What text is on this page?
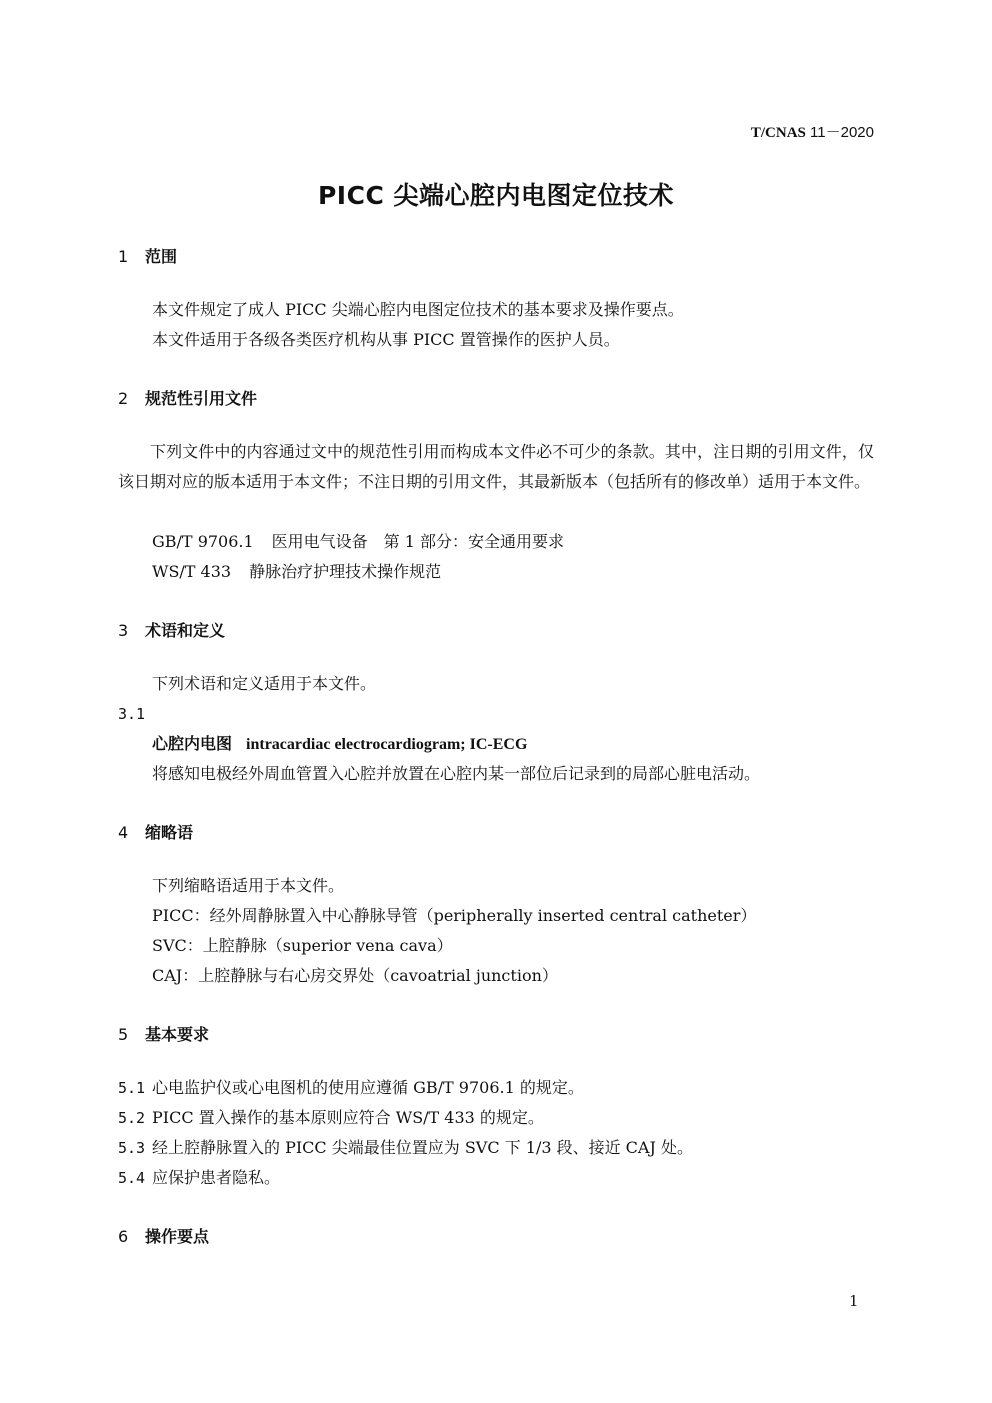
T/CNAS 11－2020
PICC 尖端心腔内电图定位技术
1 范围
本文件规定了成人 PICC 尖端心腔内电图定位技术的基本要求及操作要点。
本文件适用于各级各类医疗机构从事 PICC 置管操作的医护人员。
2 规范性引用文件
下列文件中的内容通过文中的规范性引用而构成本文件必不可少的条款。其中，注日期的引用文件，仅该日期对应的版本适用于本文件；不注日期的引用文件，其最新版本（包括所有的修改单）适用于本文件。
GB/T 9706.1 医用电气设备　第 1 部分：安全通用要求
WS/T 433 静脉治疗护理技术操作规范
3 术语和定义
下列术语和定义适用于本文件。
3.1
心腔内电图 intracardiac electrocardiogram; IC-ECG
将感知电极经外周血管置入心腔并放置在心腔内某一部位后记录到的局部心脏电活动。
4 缩略语
下列缩略语适用于本文件。
PICC：经外周静脉置入中心静脉导管（peripherally inserted central catheter）
SVC：上腔静脉（superior vena cava）
CAJ：上腔静脉与右心房交界处（cavoatrial junction）
5 基本要求
5.1 心电监护仪或心电图机的使用应遵循 GB/T 9706.1 的规定。
5.2 PICC 置入操作的基本原则应符合 WS/T 433 的规定。
5.3 经上腔静脉置入的 PICC 尖端最佳位置应为 SVC 下 1/3 段、接近 CAJ 处。
5.4 应保护患者隐私。
6 操作要点
1
